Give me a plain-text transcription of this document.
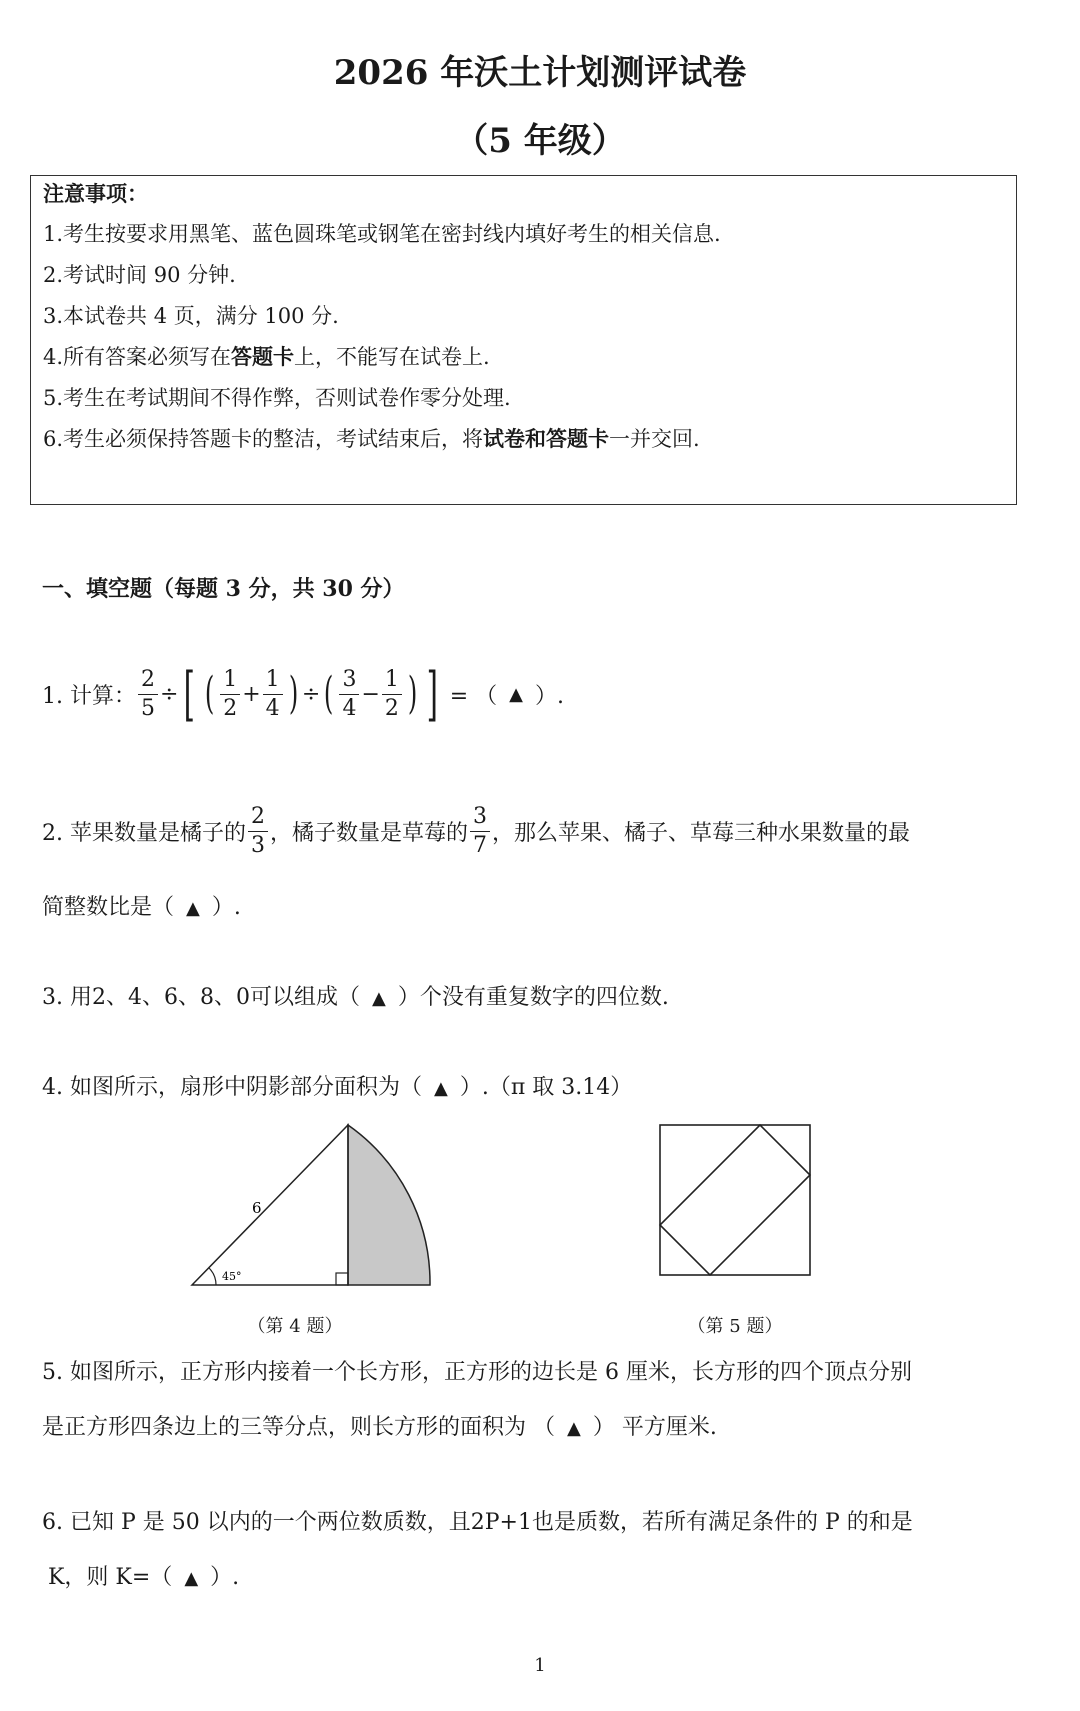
2026 年沃土计划测评试卷
（5 年级）
注意事项：
1.考生按要求用黑笔、蓝色圆珠笔或钢笔在密封线内填好考生的相关信息.
2.考试时间 90 分钟.
3.本试卷共 4 页，满分 100 分.
4.所有答案必须写在答题卡上，不能写在试卷上.
5.考生在考试期间不得作弊，否则试卷作零分处理.
6.考生必须保持答题卡的整洁，考试结束后，将试卷和答题卡一并交回.
一、填空题（每题 3 分，共 30 分）
1. 计算： $\frac{2}{5}$ ÷ [ ( $\frac{1}{2} + \frac{1}{4}$ ) ÷ ( $\frac{3}{4} - \frac{1}{2}$ ) ] = （ ▲ ）.
2. 苹果数量是橘子的 $\frac{2}{3}$ ，橘子数量是草莓的 $\frac{3}{7}$ ，那么苹果、橘子、草莓三种水果数量的最
简整数比是（ ▲ ）.
3. 用2、4、6、8、0可以组成（ ▲ ）个没有重复数字的四位数.
4. 如图所示，扇形中阴影部分面积为（ ▲ ）.（π 取 3.14）
6
45°
（第 4 题）	（第 5 题）
5. 如图所示，正方形内接着一个长方形，正方形的边长是 6 厘米，长方形的四个顶点分别
是正方形四条边上的三等分点，则长方形的面积为 （ ▲ ） 平方厘米.
6. 已知 P 是 50 以内的一个两位数质数，且2P+1也是质数，若所有满足条件的 P 的和是
K，则 K=（ ▲ ）.
1
